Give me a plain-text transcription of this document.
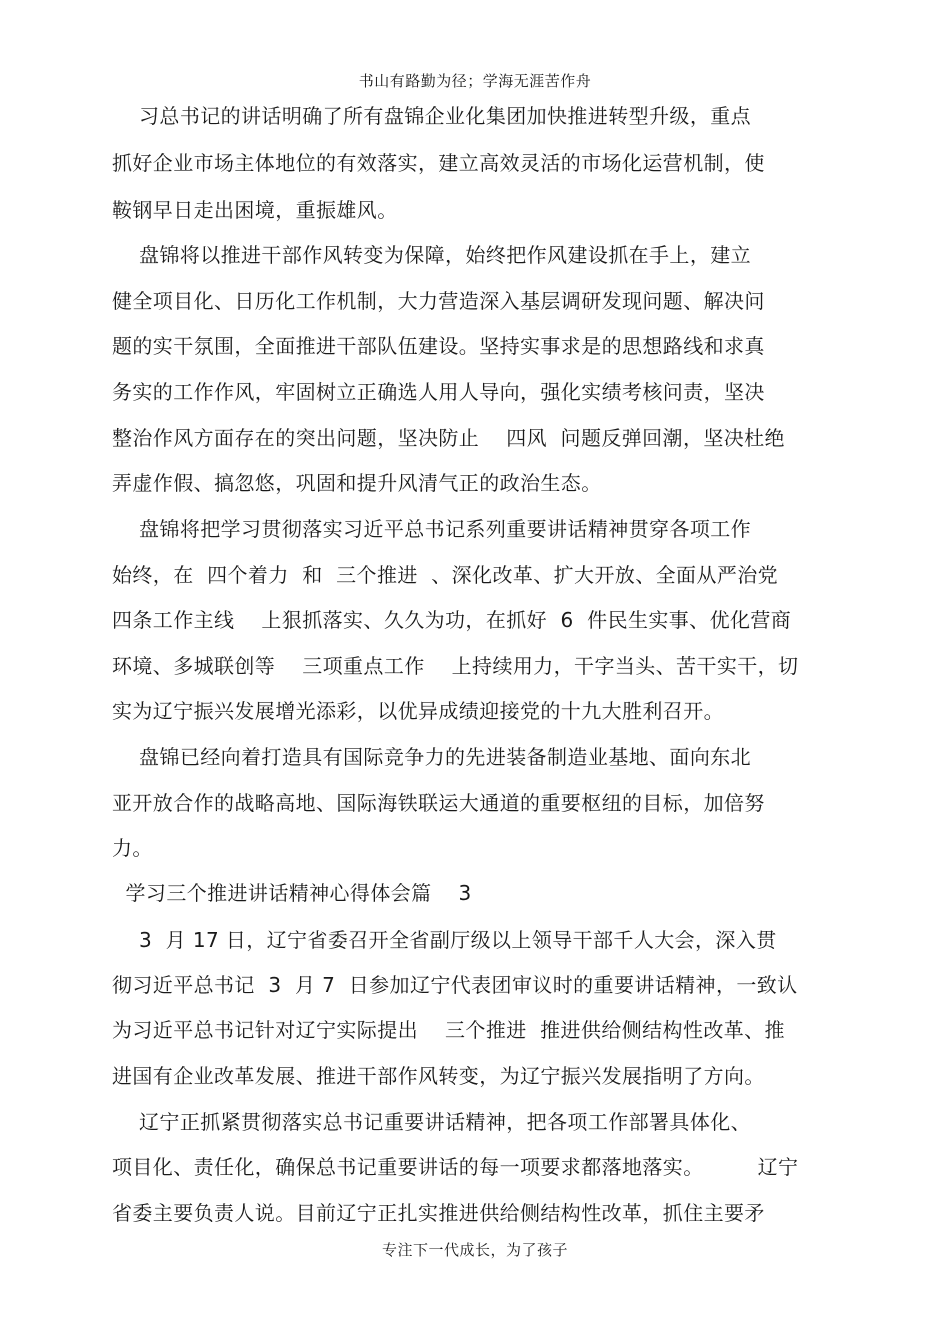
书山有路勤为径；学海无涯苦作舟
习总书记的讲话明确了所有盘锦企业化集团加快推进转型升级，重点
抓好企业市场主体地位的有效落实，建立高效灵活的市场化运营机制，使
鞍钢早日走出困境，重振雄风。
盘锦将以推进干部作风转变为保障，始终把作风建设抓在手上，建立
健全项目化、日历化工作机制，大力营造深入基层调研发现问题、解决问
题的实干氛围，全面推进干部队伍建设。坚持实事求是的思想路线和求真
务实的工作作风，牢固树立正确选人用人导向，强化实绩考核问责，坚决
整治作风方面存在的突出问题，坚决防止    四风  问题反弹回潮，坚决杜绝
弄虚作假、搞忽悠，巩固和提升风清气正的政治生态。
盘锦将把学习贯彻落实习近平总书记系列重要讲话精神贯穿各项工作
始终，在  四个着力  和  三个推进  、深化改革、扩大开放、全面从严治党
四条工作主线    上狠抓落实、久久为功，在抓好  6  件民生实事、优化营商
环境、多城联创等    三项重点工作    上持续用力，干字当头、苦干实干，切
实为辽宁振兴发展增光添彩，以优异成绩迎接党的十九大胜利召开。
盘锦已经向着打造具有国际竞争力的先进装备制造业基地、面向东北
亚开放合作的战略高地、国际海铁联运大通道的重要枢纽的目标，加倍努
力。
学习三个推进讲话精神心得体会篇    3
3  月 17 日，辽宁省委召开全省副厅级以上领导干部千人大会，深入贯
彻习近平总书记  3  月 7  日参加辽宁代表团审议时的重要讲话精神，一致认
为习近平总书记针对辽宁实际提出    三个推进  推进供给侧结构性改革、推
进国有企业改革发展、推进干部作风转变，为辽宁振兴发展指明了方向。
辽宁正抓紧贯彻落实总书记重要讲话精神，把各项工作部署具体化、
项目化、责任化，确保总书记重要讲话的每一项要求都落地落实。        辽宁
省委主要负责人说。目前辽宁正扎实推进供给侧结构性改革，抓住主要矛
专注下一代成长，为了孩子
